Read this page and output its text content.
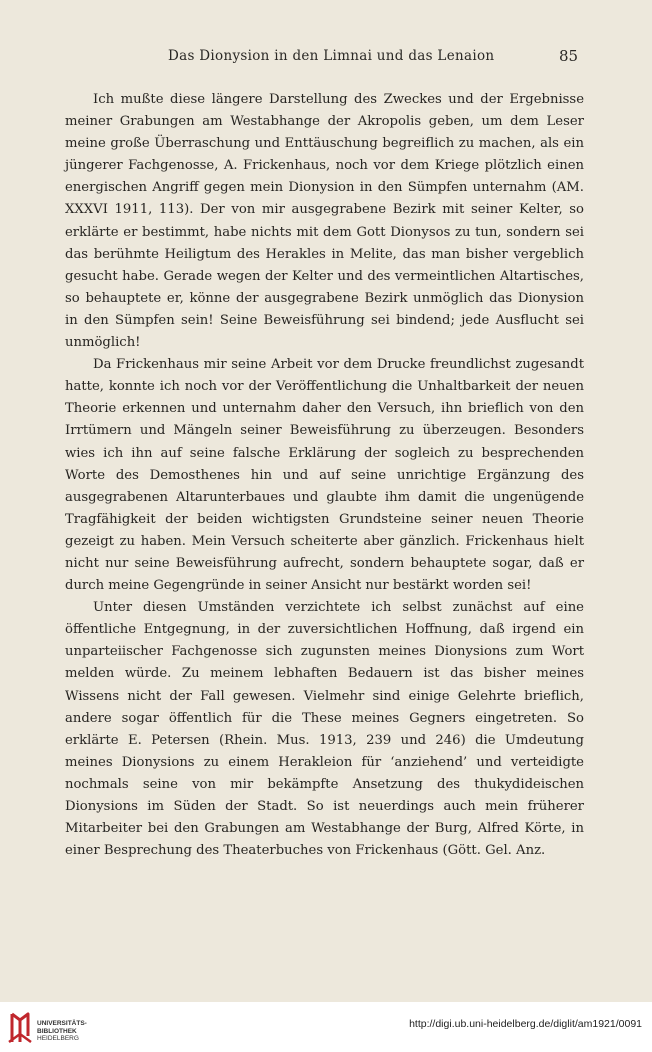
Das Dionysion in den Limnai und das Lenaion	85

Ich mußte diese längere Darstellung des Zweckes und der Ergebnisse meiner Grabungen am Westabhange der Akropolis geben, um dem Leser meine große Überraschung und Enttäuschung begreiflich zu machen, als ein jüngerer Fachgenosse, A. Frickenhaus, noch vor dem Kriege plötzlich einen energischen Angriff gegen mein Dionysion in den Sümpfen unternahm (AM. XXXVI 1911, 113). Der von mir ausgegrabene Bezirk mit seiner Kelter, so erklärte er bestimmt, habe nichts mit dem Gott Dionysos zu tun, sondern sei das berühmte Heiligtum des Herakles in Melite, das man bisher vergeblich gesucht habe. Gerade wegen der Kelter und des vermeintlichen Altartisches, so behauptete er, könne der ausgegrabene Bezirk unmöglich das Dionysion in den Sümpfen sein! Seine Beweisführung sei bindend; jede Ausflucht sei unmöglich!

Da Frickenhaus mir seine Arbeit vor dem Drucke freundlichst zugesandt hatte, konnte ich noch vor der Veröffentlichung die Unhaltbarkeit der neuen Theorie erkennen und unternahm daher den Versuch, ihn brieflich von den Irrtümern und Mängeln seiner Beweisführung zu überzeugen. Besonders wies ich ihn auf seine falsche Erklärung der sogleich zu besprechenden Worte des Demosthenes hin und auf seine unrichtige Ergänzung des ausgegrabenen Altarunterbaues und glaubte ihm damit die ungenügende Tragfähigkeit der beiden wichtigsten Grundsteine seiner neuen Theorie gezeigt zu haben. Mein Versuch scheiterte aber gänzlich. Frickenhaus hielt nicht nur seine Beweisführung aufrecht, sondern behauptete sogar, daß er durch meine Gegengründe in seiner Ansicht nur bestärkt worden sei!

Unter diesen Umständen verzichtete ich selbst zunächst auf eine öffentliche Entgegnung, in der zuversichtlichen Hoffnung, daß irgend ein unparteiischer Fachgenosse sich zugunsten meines Dionysions zum Wort melden würde. Zu meinem lebhaften Bedauern ist das bisher meines Wissens nicht der Fall gewesen. Vielmehr sind einige Gelehrte brieflich, andere sogar öffentlich für die These meines Gegners eingetreten. So erklärte E. Petersen (Rhein. Mus. 1913, 239 und 246) die Umdeutung meines Dionysions zu einem Herakleion für ‘anziehend’ und verteidigte nochmals seine von mir bekämpfte Ansetzung des thukydideischen Dionysions im Süden der Stadt. So ist neuerdings auch mein früherer Mitarbeiter bei den Grabungen am Westabhange der Burg, Alfred Körte, in einer Besprechung des Theaterbuches von Frickenhaus (Gött. Gel. Anz.

UNIVERSITÄTS-
BIBLIOTHEK
HEIDELBERG
http://digi.ub.uni-heidelberg.de/diglit/am1921/0091
